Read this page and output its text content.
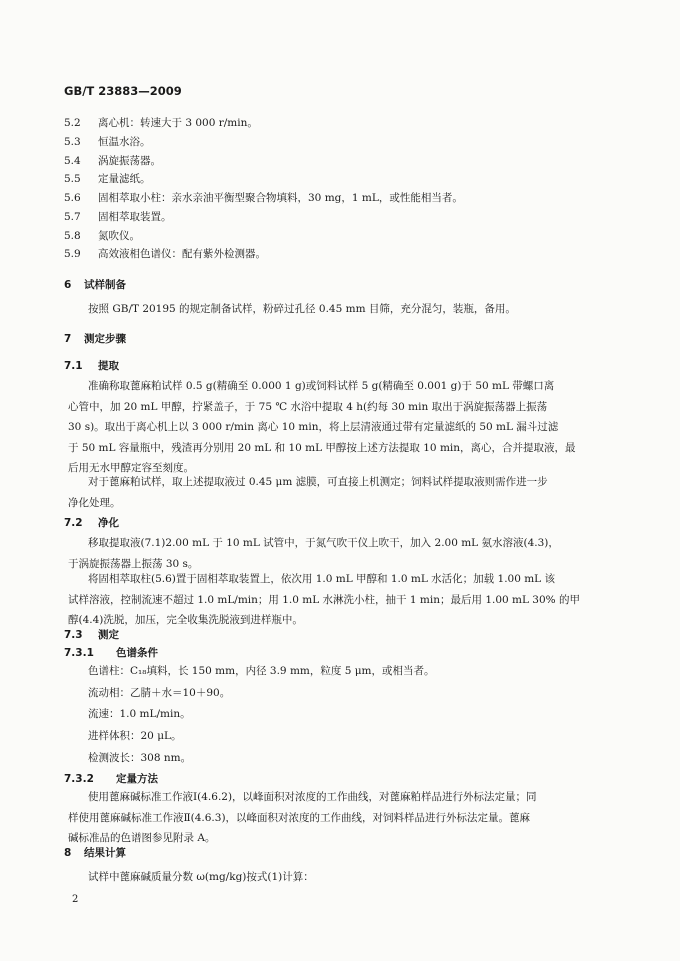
GB/T 23883—2009
5.2 离心机：转速大于 3 000 r/min。
5.3 恒温水浴。
5.4 涡旋振荡器。
5.5 定量滤纸。
5.6 固相萃取小柱：亲水亲油平衡型聚合物填料，30 mg，1 mL，或性能相当者。
5.7 固相萃取装置。
5.8 氮吹仪。
5.9 高效液相色谱仪：配有紫外检测器。
6 试样制备
按照 GB/T 20195 的规定制备试样，粉碎过孔径 0.45 mm 目筛，充分混匀，装瓶，备用。
7 测定步骤
7.1 提取
准确称取蓖麻粕试样 0.5 g(精确至 0.000 1 g)或饲料试样 5 g(精确至 0.001 g)于 50 mL 带螺口离
心管中，加 20 mL 甲醇，拧紧盖子，于 75 ℃ 水浴中提取 4 h(约每 30 min 取出于涡旋振荡器上振荡
30 s)。取出于离心机上以 3 000 r/min 离心 10 min，将上层清液通过带有定量滤纸的 50 mL 漏斗过滤
于 50 mL 容量瓶中，残渣再分别用 20 mL 和 10 mL 甲醇按上述方法提取 10 min，离心，合并提取液，最
后用无水甲醇定容至刻度。
对于蓖麻粕试样，取上述提取液过 0.45 μm 滤膜，可直接上机测定；饲料试样提取液则需作进一步
净化处理。
7.2 净化
移取提取液(7.1)2.00 mL 于 10 mL 试管中，于氮气吹干仪上吹干，加入 2.00 mL 氨水溶液(4.3)，
于涡旋振荡器上振荡 30 s。
将固相萃取柱(5.6)置于固相萃取装置上，依次用 1.0 mL 甲醇和 1.0 mL 水活化；加载 1.00 mL 该
试样溶液，控制流速不超过 1.0 mL/min；用 1.0 mL 水淋洗小柱，抽干 1 min；最后用 1.00 mL 30% 的甲
醇(4.4)洗脱，加压，完全收集洗脱液到进样瓶中。
7.3 测定
7.3.1 色谱条件
色谱柱：C₁₈填料，长 150 mm，内径 3.9 mm，粒度 5 μm，或相当者。
流动相：乙腈＋水＝10＋90。
流速：1.0 mL/min。
进样体积：20 μL。
检测波长：308 nm。
7.3.2 定量方法
使用蓖麻碱标准工作液Ⅰ(4.6.2)，以峰面积对浓度的工作曲线，对蓖麻粕样品进行外标法定量；同
样使用蓖麻碱标准工作液Ⅱ(4.6.3)，以峰面积对浓度的工作曲线，对饲料样品进行外标法定量。蓖麻
碱标准品的色谱图参见附录 A。
8 结果计算
试样中蓖麻碱质量分数 ω(mg/kg)按式(1)计算：
2
